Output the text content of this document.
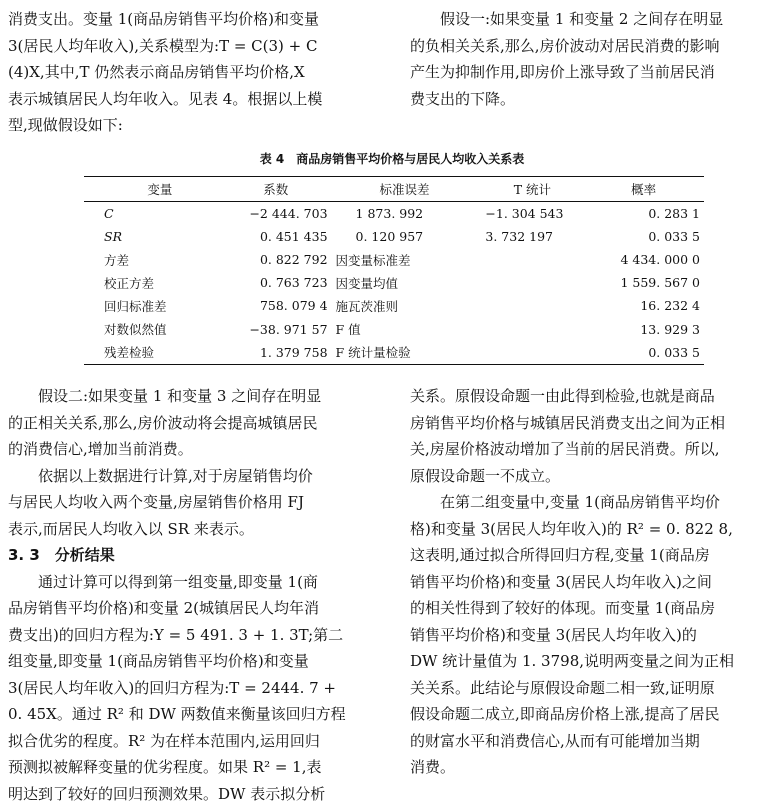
消费支出。变量 1(商品房销售平均价格)和变量

3(居民人均年收入),关系模型为:T = C(3) + C

(4)X,其中,T 仍然表示商品房销售平均价格,X

表示城镇居民人均年收入。见表 4。根据以上模

型,现做假设如下:

假设一:如果变量 1 和变量 2 之间存在明显

的负相关关系,那么,房价波动对居民消费的影响

产生为抑制作用,即房价上涨导致了当前居民消

费支出的下降。

表 4　商品房销售平均价格与居民人均收入关系表
变量	系数	标准误差	T 统计	概率
C	−2 444. 703	1 873. 992	−1. 304 543	0. 283 1
SR	0. 451 435	0. 120 957	3. 732 197	0. 033 5
方差	0. 822 792	因变量标准差		4 434. 000 0
校正方差	0. 763 723	因变量均值		1 559. 567 0
回归标准差	758. 079 4	施瓦茨准则		16. 232 4
对数似然值	−38. 971 57	F 值		13. 929 3
残差检验	1. 379 758	F 统计量检验		0. 033 5

假设二:如果变量 1 和变量 3 之间存在明显

的正相关关系,那么,房价波动将会提高城镇居民

的消费信心,增加当前消费。

依据以上数据进行计算,对于房屋销售均价

与居民人均收入两个变量,房屋销售价格用 FJ

表示,而居民人均收入以 SR 来表示。

3. 3　分析结果

通过计算可以得到第一组变量,即变量 1(商

品房销售平均价格)和变量 2(城镇居民人均年消

费支出)的回归方程为:Y = 5 491. 3 + 1. 3T;第二

组变量,即变量 1(商品房销售平均价格)和变量

3(居民人均年收入)的回归方程为:T = 2444. 7 +

0. 45X。通过 R² 和 DW 两数值来衡量该回归方程

拟合优劣的程度。R² 为在样本范围内,运用回归

预测拟被解释变量的优劣程度。如果 R² = 1,表

明达到了较好的回归预测效果。DW 表示拟分析

关系。原假设命题一由此得到检验,也就是商品

房销售平均价格与城镇居民消费支出之间为正相

关,房屋价格波动增加了当前的居民消费。所以,

原假设命题一不成立。

在第二组变量中,变量 1(商品房销售平均价

格)和变量 3(居民人均年收入)的 R² = 0. 822 8,

这表明,通过拟合所得回归方程,变量 1(商品房

销售平均价格)和变量 3(居民人均年收入)之间

的相关性得到了较好的体现。而变量 1(商品房

销售平均价格)和变量 3(居民人均年收入)的

DW 统计量值为 1. 3798,说明两变量之间为正相

关关系。此结论与原假设命题二相一致,证明原

假设命题二成立,即商品房价格上涨,提高了居民

的财富水平和消费信心,从而有可能增加当期

消费。
